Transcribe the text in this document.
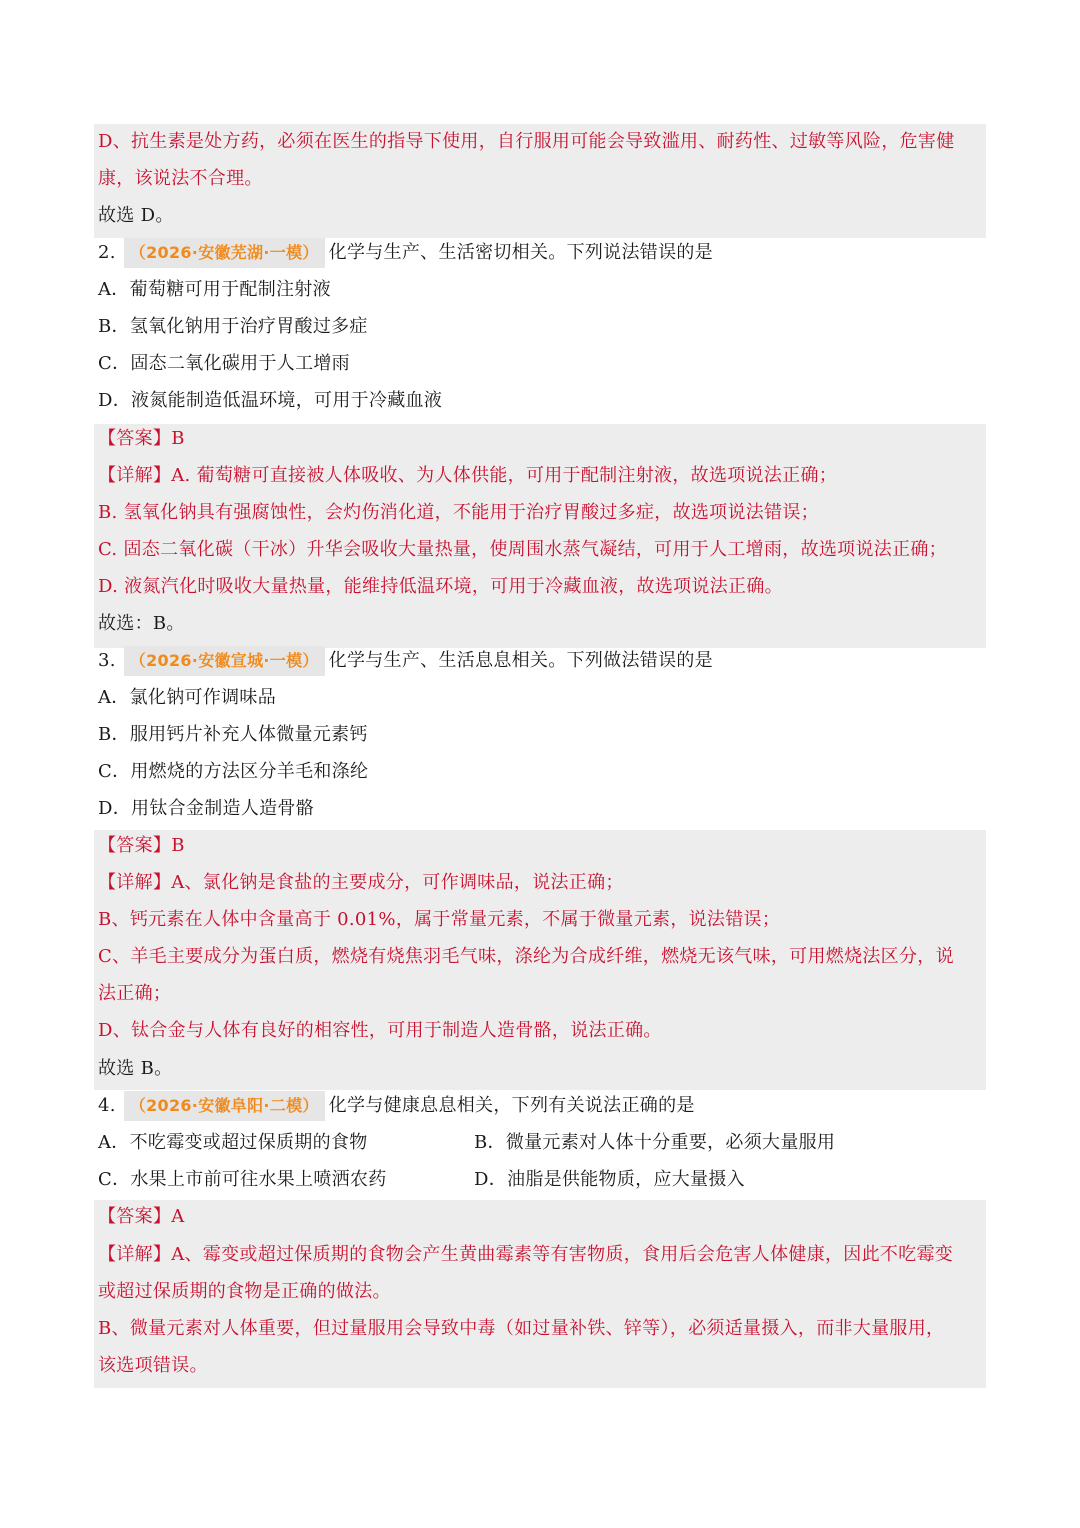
D、抗生素是处方药，必须在医生的指导下使用，自行服用可能会导致滥用、耐药性、过敏等风险，危害健
康，该说法不合理。
故选 D。
2. （2026·安徽芜湖·一模） 化学与生产、生活密切相关。下列说法错误的是
A．葡萄糖可用于配制注射液
B．氢氧化钠用于治疗胃酸过多症
C．固态二氧化碳用于人工增雨
D．液氮能制造低温环境，可用于冷藏血液
【答案】B
【详解】A. 葡萄糖可直接被人体吸收、为人体供能，可用于配制注射液，故选项说法正确；
B. 氢氧化钠具有强腐蚀性，会灼伤消化道，不能用于治疗胃酸过多症，故选项说法错误；
C. 固态二氧化碳（干冰）升华会吸收大量热量，使周围水蒸气凝结，可用于人工增雨，故选项说法正确；
D. 液氮汽化时吸收大量热量，能维持低温环境，可用于冷藏血液，故选项说法正确。
故选：B。
3. （2026·安徽宣城·一模） 化学与生产、生活息息相关。下列做法错误的是
A．氯化钠可作调味品
B．服用钙片补充人体微量元素钙
C．用燃烧的方法区分羊毛和涤纶
D．用钛合金制造人造骨骼
【答案】B
【详解】A、氯化钠是食盐的主要成分，可作调味品，说法正确；
B、钙元素在人体中含量高于 0.01%，属于常量元素，不属于微量元素，说法错误；
C、羊毛主要成分为蛋白质，燃烧有烧焦羽毛气味，涤纶为合成纤维，燃烧无该气味，可用燃烧法区分，说
法正确；
D、钛合金与人体有良好的相容性，可用于制造人造骨骼，说法正确。
故选 B。
4. （2026·安徽阜阳·二模） 化学与健康息息相关，下列有关说法正确的是
A．不吃霉变或超过保质期的食物	B．微量元素对人体十分重要，必须大量服用
C．水果上市前可往水果上喷洒农药	D．油脂是供能物质，应大量摄入
【答案】A
【详解】A、霉变或超过保质期的食物会产生黄曲霉素等有害物质，食用后会危害人体健康，因此不吃霉变
或超过保质期的食物是正确的做法。
B、微量元素对人体重要，但过量服用会导致中毒（如过量补铁、锌等），必须适量摄入，而非大量服用，
该选项错误。
